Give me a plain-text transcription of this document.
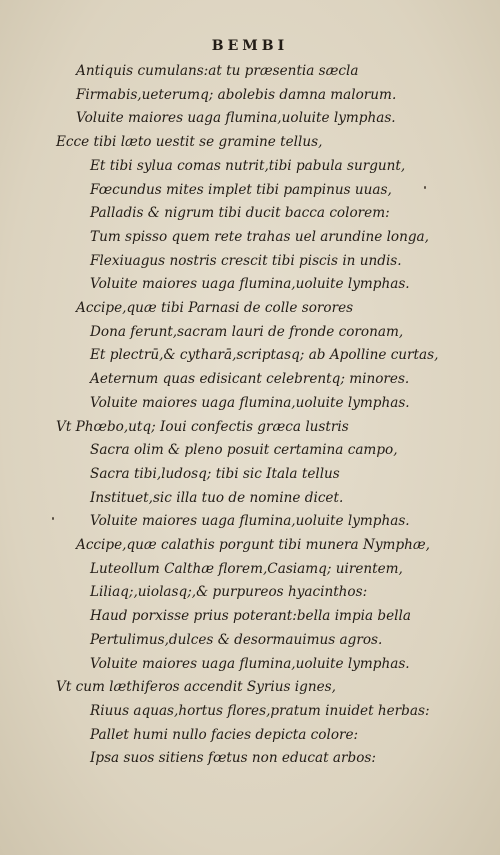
BEMBI
Antiquis cumulans:at tu præsentia sæcla
Firmabis,ueterumq; abolebis damna malorum.
Voluite maiores uaga flumina,uoluite lymphas.
Ecce tibi læto uestit se gramine tellus,
Et tibi sylua comas nutrit,tibi pabula surgunt,
Fœcundus mites implet tibi pampinus uuas,
Palladis & nigrum tibi ducit bacca colorem:
Tum spisso quem rete trahas uel arundine longa,
Flexiuagus nostris crescit tibi piscis in undis.
Voluite maiores uaga flumina,uoluite lymphas.
Accipe,quæ tibi Parnasi de colle sorores
Dona ferunt,sacram lauri de fronde coronam,
Et plectrū,& cytharā,scriptasq; ab Apolline curtas,
Aeternum quas edisicant celebrentq; minores.
Voluite maiores uaga flumina,uoluite lymphas.
Vt Phœbo,utq; Ioui confectis græca lustris
Sacra olim & pleno posuit certamina campo,
Sacra tibi,ludosq; tibi sic Itala tellus
Instituet,sic illa tuo de nomine dicet.
Voluite maiores uaga flumina,uoluite lymphas.
Accipe,quæ calathis porgunt tibi munera Nymphæ,
Luteollum Calthæ florem,Casiamq; uirentem,
Liliaq;,uiolasq;,& purpureos hyacinthos:
Haud porxisse prius poterant:bella impia bella
Pertulimus,dulces & desormauimus agros.
Voluite maiores uaga flumina,uoluite lymphas.
Vt cum læthiferos accendit Syrius ignes,
Riuus aquas,hortus flores,pratum inuidet herbas:
Pallet humi nullo facies depicta colore:
Ipsa suos sitiens fœtus non educat arbos:
